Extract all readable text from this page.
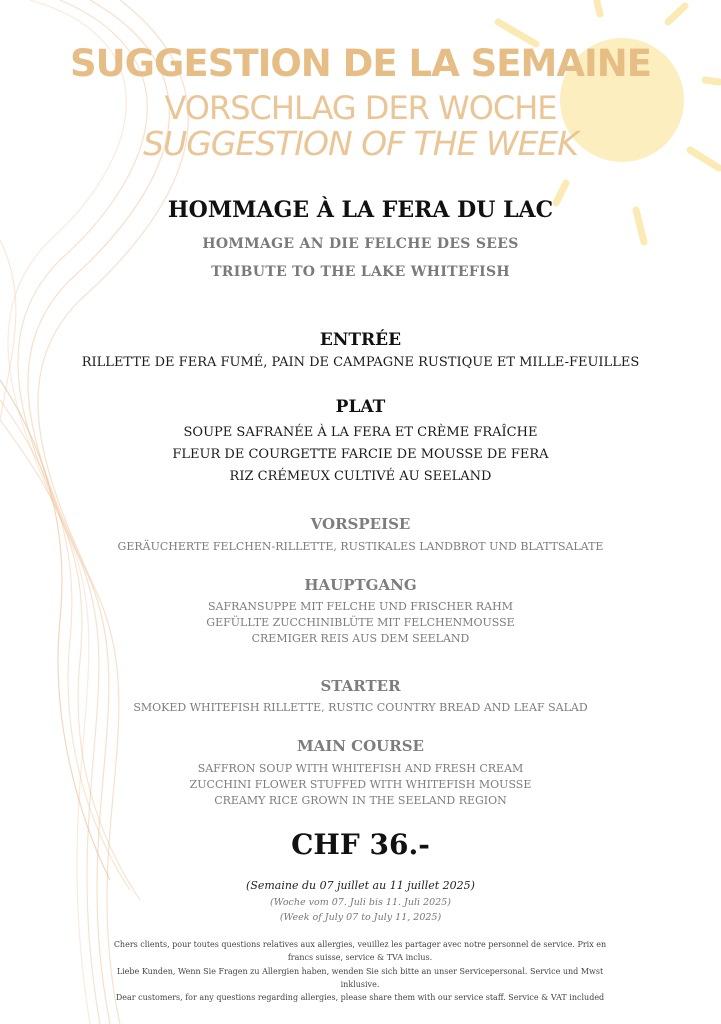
SUGGESTION DE LA SEMAINE
VORSCHLAG DER WOCHE
SUGGESTION OF THE WEEK
HOMMAGE À LA FERA DU LAC
HOMMAGE AN DIE FELCHE DES SEES
TRIBUTE TO THE LAKE WHITEFISH
ENTRÉE
RILLETTE DE FERA FUMÉ, PAIN DE CAMPAGNE RUSTIQUE ET MILLE-FEUILLES
PLAT
SOUPE SAFRANÉE À LA FERA ET CRÈME FRAÎCHE
FLEUR DE COURGETTE FARCIE DE MOUSSE DE FERA
RIZ CRÉMEUX CULTIVÉ AU SEELAND
VORSPEISE
GERÄUCHERTE FELCHEN-RILLETTE, RUSTIKALES LANDBROT UND BLATTSALATE
HAUPTGANG
SAFRANSUPPE MIT FELCHE UND FRISCHER RAHM
GEFÜLLTE ZUCCHINIBLÜTE MIT FELCHENMOUSSE
CREMIGER REIS AUS DEM SEELAND
STARTER
SMOKED WHITEFISH RILLETTE, RUSTIC COUNTRY BREAD AND LEAF SALAD
MAIN COURSE
SAFFRON SOUP WITH WHITEFISH AND FRESH CREAM
ZUCCHINI FLOWER STUFFED WITH WHITEFISH MOUSSE
CREAMY RICE GROWN IN THE SEELAND REGION
CHF 36.-
(Semaine du 07 juillet au 11 juillet 2025)
(Woche vom 07. Juli bis 11. Juli 2025)
(Week of July 07 to July 11, 2025)
Chers clients, pour toutes questions relatives aux allergies, veuillez les partager avec notre personnel de service. Prix en francs suisse, service & TVA inclus.
Liebe Kunden, Wenn Sie Fragen zu Allergien haben, wenden Sie sich bitte an unser Servicepersonal. Service und Mwst inklusive.
Dear customers, for any questions regarding allergies, please share them with our service staff. Service & VAT included
